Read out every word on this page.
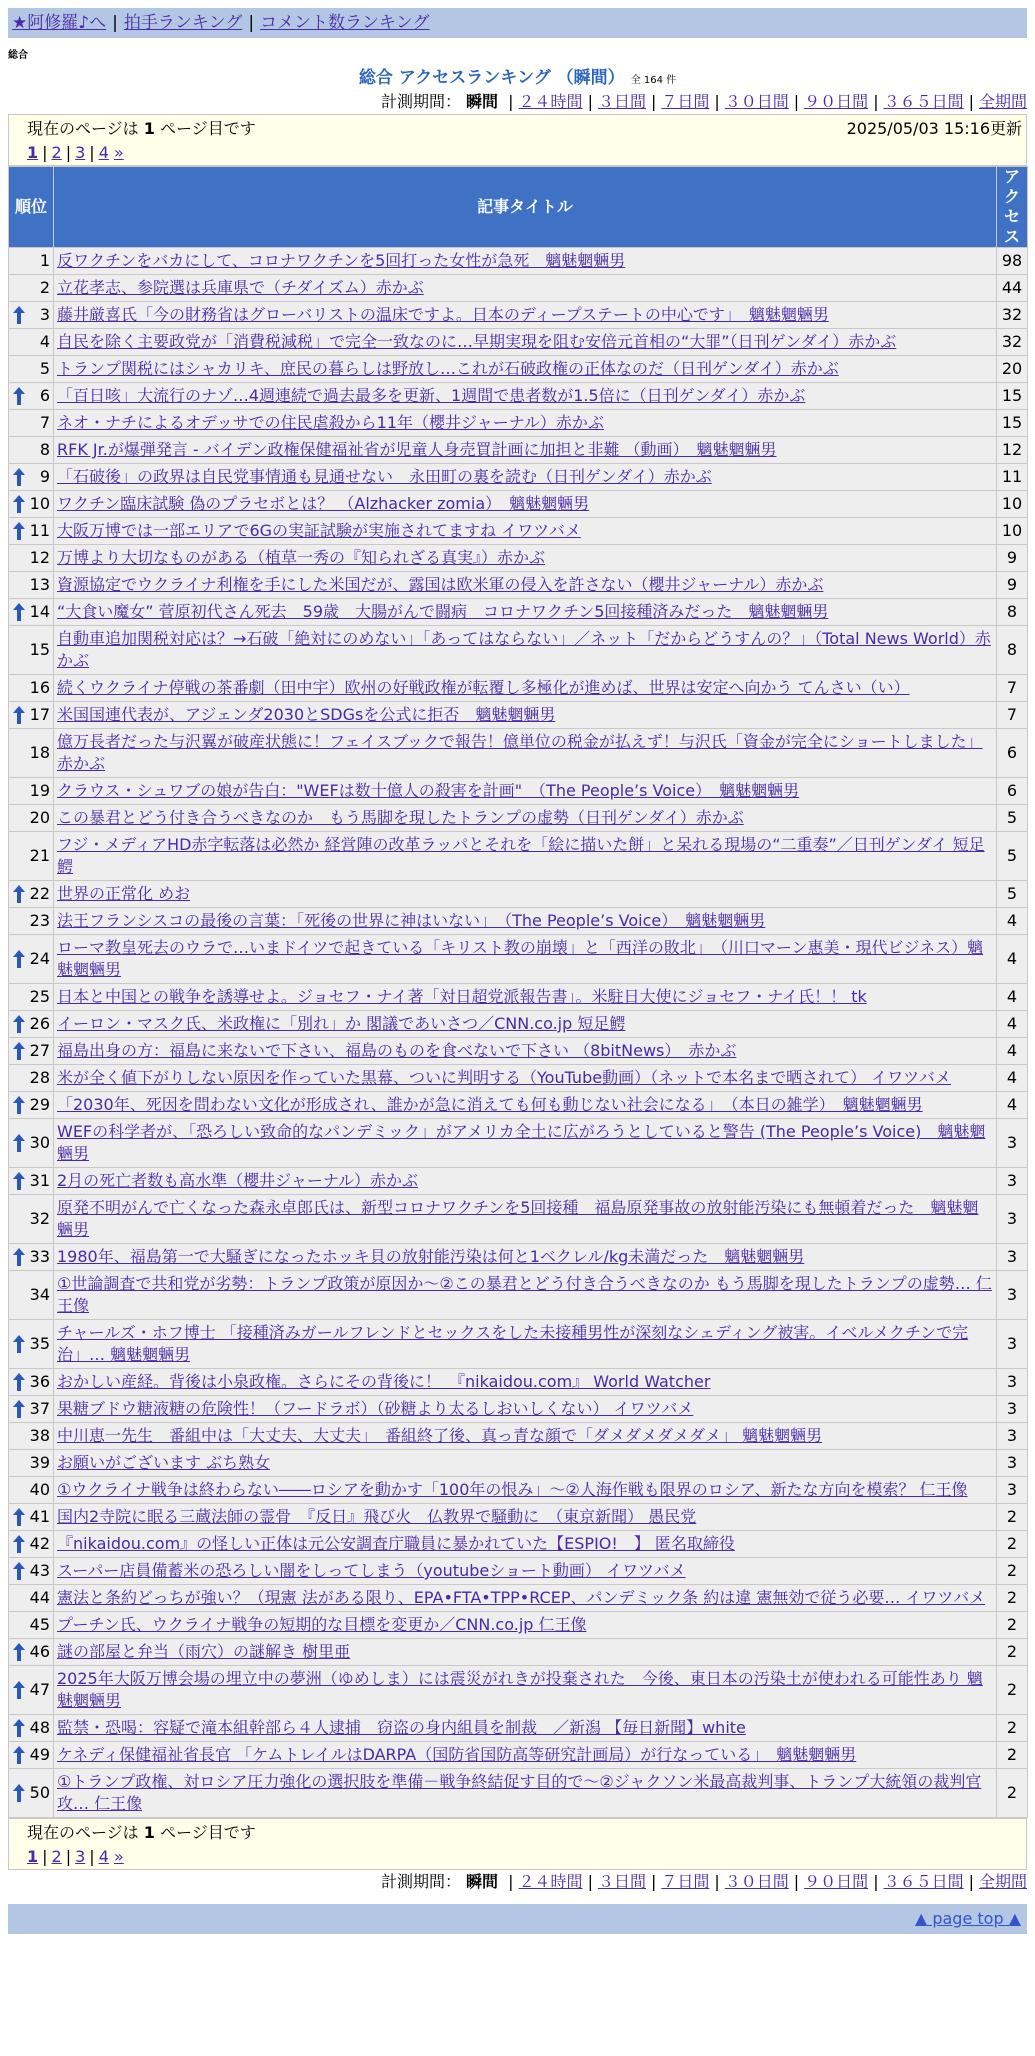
★阿修羅♪へ | 拍手ランキング | コメント数ランキング
総合
総合 アクセスランキング （瞬間） 全 164 件
計測期間： 瞬間 | ２４時間 | ３日間 | ７日間 | ３０日間 | ９０日間 | ３６５日間 | 全期間
現在のページは 1 ページ目です	2025/05/03 15:16更新
1 | 2 | 3 | 4 »
順位	記事タイトル	アクセス
1	反ワクチンをバカにして、コロナワクチンを5回打った女性が急死　魑魅魍魎男	98
2	立花孝志、参院選は兵庫県で（チダイズム）赤かぶ	44

3	藤井厳喜氏「今の財務省はグローバリストの温床ですよ。日本のディープステートの中心です」　魑魅魍魎男	32
4	自民を除く主要政党が「消費税減税」で完全一致なのに…早期実現を阻む安倍元首相の“大罪”（日刊ゲンダイ）赤かぶ	32
5	トランプ関税にはシャカリキ、庶民の暮らしは野放し…これが石破政権の正体なのだ（日刊ゲンダイ）赤かぶ	20

6	「百日咳」大流行のナゾ…4週連続で過去最多を更新、1週間で患者数が1.5倍に（日刊ゲンダイ）赤かぶ	15
7	ネオ・ナチによるオデッサでの住民虐殺から11年（櫻井ジャーナル）赤かぶ	15
8	RFK Jr.が爆弾発言 - バイデン政権保健福祉省が児童人身売買計画に加担と非難 （動画）　魑魅魍魎男	12

9	「石破後」の政界は自民党事情通も見通せない　永田町の裏を読む（日刊ゲンダイ）赤かぶ	11

10	ワクチン臨床試験 偽のプラセボとは？ （Alzhacker zomia）　魑魅魍魎男	10

11	大阪万博では一部エリアで6Gの実証試験が実施されてますね イワツバメ	10
12	万博より大切なものがある（植草一秀の『知られざる真実』）赤かぶ	9
13	資源協定でウクライナ利権を手にした米国だが、露国は欧米軍の侵入を許さない（櫻井ジャーナル）赤かぶ	9

14	“大食い魔女” 菅原初代さん死去　59歳　大腸がんで闘病　コロナワクチン5回接種済みだった　魑魅魍魎男	8
15	自動車追加関税対応は？→石破「絶対にのめない」「あってはならない」／ネット「だからどうすんの？」（Total News World）赤かぶ	8
16	続くウクライナ停戦の茶番劇（田中宇）欧州の好戦政権が転覆し多極化が進めば、世界は安定へ向かう てんさい（い）	7

17	米国国連代表が、アジェンダ2030とSDGsを公式に拒否　魑魅魍魎男	7
18	億万長者だった与沢翼が破産状態に！フェイスブックで報告！億単位の税金が払えず！与沢氏「資金が完全にショートしました」赤かぶ	6
19	クラウス・シュワブの娘が告白："WEFは数十億人の殺害を計画"　（The People’s Voice）　魑魅魍魎男	6
20	この暴君とどう付き合うべきなのか　もう馬脚を現したトランプの虚勢（日刊ゲンダイ）赤かぶ	5
21	フジ・メディアHD赤字転落は必然か 経営陣の改革ラッパとそれを「絵に描いた餅」と呆れる現場の“二重奏”／日刊ゲンダイ 短足鰐	5

22	世界の正常化 めお	5
23	法王フランシスコの最後の言葉：「死後の世界に神はいない」　（The People’s Voice）　魑魅魍魎男	4

24	ローマ教皇死去のウラで…いまドイツで起きている「キリスト教の崩壊」と「西洋の敗北」　（川口マーン惠美・現代ビジネス）魑魅魍魎男	4
25	日本と中国との戦争を誘導せよ。ジョセフ・ナイ著「対日超党派報告書」。米駐日大使にジョセフ・ナイ氏！！ tk	4

26	イーロン・マスク氏、米政権に「別れ」か 閣議であいさつ／CNN.co.jp 短足鰐	4

27	福島出身の方：福島に来ないで下さい、福島のものを食べないで下さい （8bitNews）　赤かぶ	4
28	米が全く値下がりしない原因を作っていた黒幕、ついに判明する（YouTube動画）（ネットで本名まで晒されて） イワツバメ	4

29	「2030年、死因を問わない文化が形成され、誰かが急に消えても何も動じない社会になる」　（本日の雑学）　魑魅魍魎男	4

30	WEFの科学者が、「恐ろしい致命的なパンデミック」がアメリカ全土に広がろうとしていると警告 (The People’s Voice)　魑魅魍魎男	3

31	2月の死亡者数も高水準（櫻井ジャーナル）赤かぶ	3
32	原発不明がんで亡くなった森永卓郎氏は、新型コロナワクチンを5回接種　福島原発事故の放射能汚染にも無頓着だった　魑魅魍魎男	3

33	1980年、福島第一で大騒ぎになったホッキ貝の放射能汚染は何と1ベクレル/kg未満だった　魑魅魍魎男	3
34	①世論調査で共和党が劣勢：トランプ政策が原因か～②この暴君とどう付き合うべきなのか もう馬脚を現したトランプの虚勢… 仁王像	3

35	チャールズ・ホフ博士 「接種済みガールフレンドとセックスをした未接種男性が深刻なシェディング被害。イベルメクチンで完治」… 魑魅魍魎男	3

36	おかしい産経。背後は小泉政権。さらにその背後に！　『nikaidou.com』 World Watcher	3

37	果糖ブドウ糖液糖の危険性！（フードラボ）（砂糖より太るしおいしくない） イワツバメ	3
38	中川恵一先生　番組中は「大丈夫、大丈夫」　番組終了後、真っ青な顔で「ダメダメダメダメ」 魑魅魍魎男	3
39	お願いがございます ぶち熟女	3
40	①ウクライナ戦争は終わらない――ロシアを動かす「100年の恨み」～②人海作戦も限界のロシア、新たな方向を模索？ 仁王像	3

41	国内2寺院に眠る三蔵法師の霊骨　『反日』飛び火　仏教界で騒動に　（東京新聞） 愚民党	2

42	『nikaidou.com』の怪しい正体は元公安調査庁職員に暴かれていた【ESPIO!　】 匿名取締役	2

43	スーパー店員備蓄米の恐ろしい闇をしってしまう（youtubeショート動画） イワツバメ	2
44	憲法と条約どっちが強い？（現憲 法がある限り、EPA•FTA•TPP•RCEP、パンデミック条 約は違 憲無効で従う必要… イワツバメ	2
45	プーチン氏、ウクライナ戦争の短期的な目標を変更か／CNN.co.jp 仁王像	2

46	謎の部屋と弁当（雨穴）の謎解き 樹里亜	2

47	2025年大阪万博会場の埋立中の夢洲（ゆめしま）には震災がれきが投棄された　今後、東日本の汚染土が使われる可能性あり 魑魅魍魎男	2

48	監禁・恐喝：容疑で滝本組幹部ら４人逮捕　窃盗の身内組員を制裁　／新潟 【毎日新聞】white	2

49	ケネディ保健福祉省長官 「ケムトレイルはDARPA（国防省国防高等研究計画局）が行なっている」　魑魅魍魎男	2

50	①トランプ政権、対ロシア圧力強化の選択肢を準備－戦争終結促す目的で～②ジャクソン米最高裁判事、トランプ大統領の裁判官攻… 仁王像	2
現在のページは 1 ページ目です
1 | 2 | 3 | 4 »
計測期間： 瞬間 | ２４時間 | ３日間 | ７日間 | ３０日間 | ９０日間 | ３６５日間 | 全期間
▲ page top ▲
